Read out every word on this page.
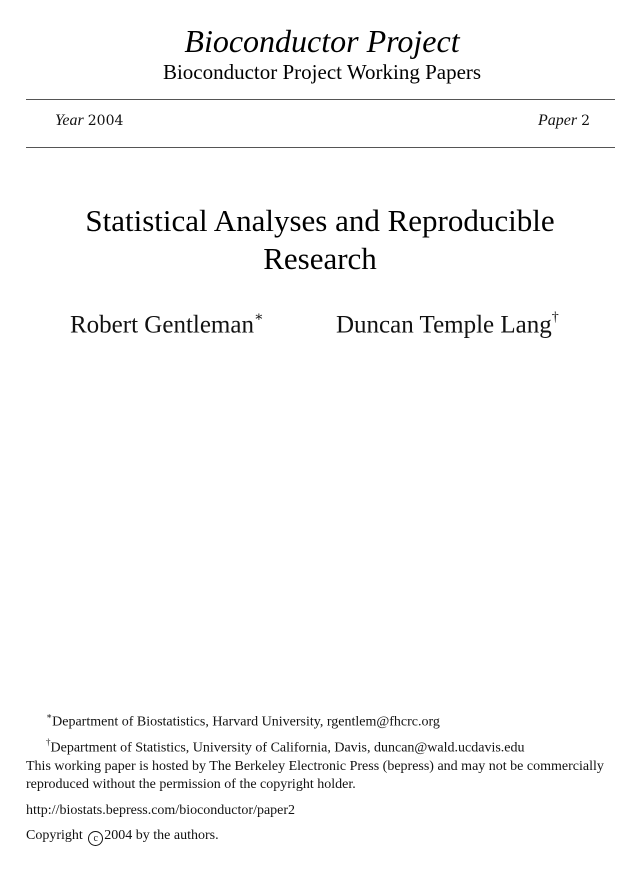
Bioconductor Project
Bioconductor Project Working Papers
Year 2004	Paper 2
Statistical Analyses and Reproducible Research
Robert Gentleman∗	Duncan Temple Lang†
∗Department of Biostatistics, Harvard University, rgentlem@fhcrc.org
†Department of Statistics, University of California, Davis, duncan@wald.ucdavis.edu
This working paper is hosted by The Berkeley Electronic Press (bepress) and may not be commercially reproduced without the permission of the copyright holder.
http://biostats.bepress.com/bioconductor/paper2
Copyright c 2004 by the authors.
